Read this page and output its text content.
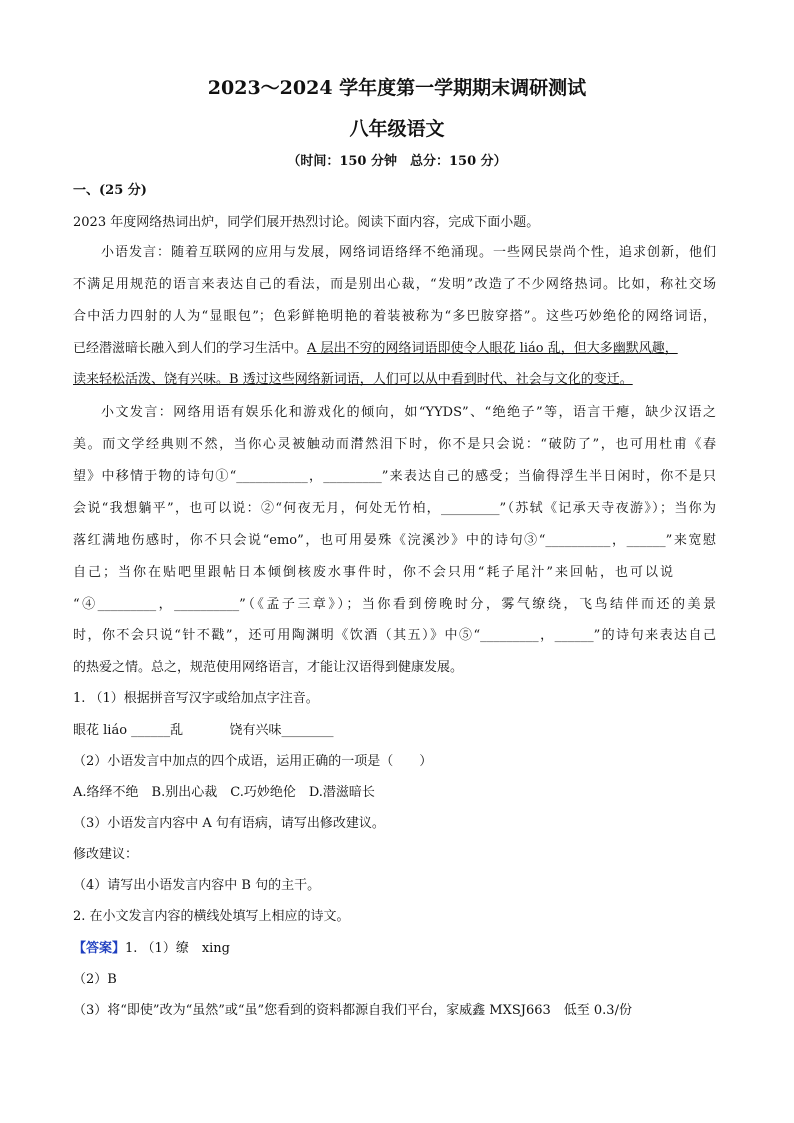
2023～2024 学年度第一学期期末调研测试
八年级语文
（时间：150 分钟　总分：150 分）
一、(25 分)
2023 年度网络热词出炉，同学们展开热烈讨论。阅读下面内容，完成下面小题。
小语发言：随着互联网的应用与发展，网络词语络绎不绝涌现。一些网民崇尚个性，追求创新，他们
不满足用规范的语言来表达自己的看法，而是别出心裁，“发明”改造了不少网络热词。比如，称社交场
合中活力四射的人为“显眼包”；色彩鲜艳明艳的着装被称为“多巴胺穿搭”。这些巧妙绝伦的网络词语，
已经潜滋暗长融入到人们的学习生活中。A 层出不穷的网络词语即使令人眼花 liáo 乱，但大多幽默风趣，
读来轻松活泼、饶有兴味。B 透过这些网络新词语，人们可以从中看到时代、社会与文化的变迁。
小文发言：网络用语有娱乐化和游戏化的倾向，如“YYDS”、“绝绝子”等，语言干瘪，缺少汉语之
美。而文学经典则不然，当你心灵被触动而潸然泪下时，你不是只会说：“破防了”，也可用杜甫《春
望》中移情于物的诗句①“___________，_________”来表达自己的感受；当偷得浮生半日闲时，你不是只
会说“我想躺平”，也可以说：②“何夜无月，何处无竹柏，_________”（苏轼《记承天寺夜游》）；当你为
落红满地伤感时，你不只会说“emo”，也可用晏殊《浣溪沙》中的诗句③“__________，______”来宽慰
自己；当你在贴吧里跟帖日本倾倒核废水事件时，你不会只用“耗子尾汁”来回帖，也可以说
“④_________，__________”（《孟子三章》）；当你看到傍晚时分，雾气缭绕，飞鸟结伴而还的美景
时，你不会只说“针不戳”，还可用陶渊明《饮酒（其五）》中⑤“_________，______”的诗句来表达自己
的热爱之情。总之，规范使用网络语言，才能让汉语得到健康发展。
1. （1）根据拼音写汉字或给加点字注音。
眼花 liáo ______乱	饶有兴味________
（2）小语发言中加点的四个成语，运用正确的一项是（　　）
A.络绎不绝　B.别出心裁　C.巧妙绝伦　D.潜滋暗长
（3）小语发言内容中 A 句有语病，请写出修改建议。
修改建议：
（4）请写出小语发言内容中 B 句的主干。
2. 在小文发言内容的横线处填写上相应的诗文。
【答案】1. （1）缭　xing
（2）B
（3）将“即使”改为“虽然”或“虽”您看到的资料都源自我们平台，家威鑫 MXSJ663　低至 0.3/份
